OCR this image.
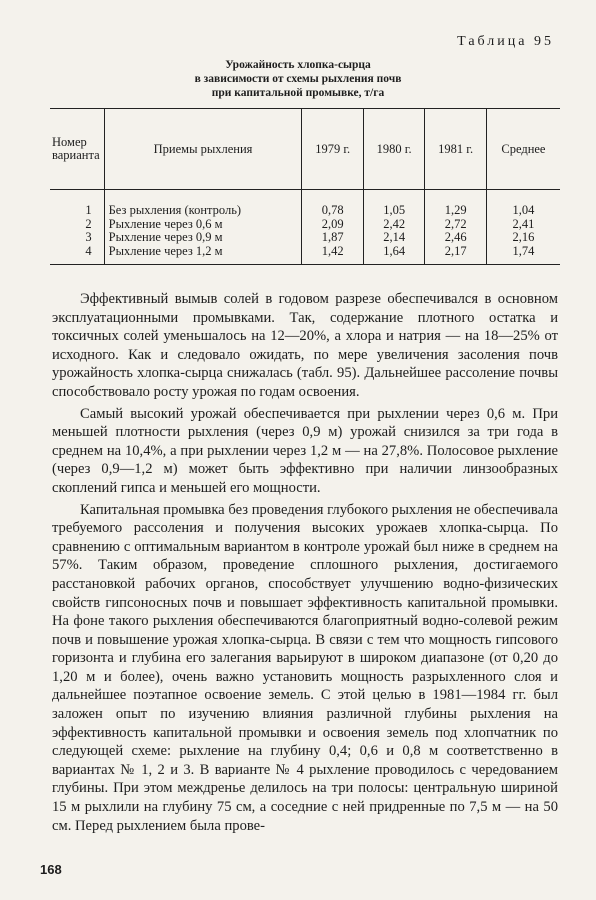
Таблица 95
Урожайность хлопка-сырца
в зависимости от схемы рыхления почв
при капитальной промывке, т/га
Номер варианта	Приемы рыхления	1979 г.	1980 г.	1981 г.	Среднее
1	Без рыхления (контроль)	0,78	1,05	1,29	1,04
2	Рыхление через 0,6 м	2,09	2,42	2,72	2,41
3	Рыхление через 0,9 м	1,87	2,14	2,46	2,16
4	Рыхление через 1,2 м	1,42	1,64	2,17	1,74

Эффективный вымыв солей в годовом разрезе обеспечивался в основном эксплуатационными промывками. Так, содержание плотного остатка и токсичных солей уменьшалось на 12—20%, а хлора и натрия — на 18—25% от исходного. Как и следовало ожидать, по мере увеличения засоления почв урожайность хлопка-сырца снижалась (табл. 95). Дальнейшее рассоление почвы способствовало росту урожая по годам освоения.

Самый высокий урожай обеспечивается при рыхлении через 0,6 м. При меньшей плотности рыхления (через 0,9 м) урожай снизился за три года в среднем на 10,4%, а при рыхлении через 1,2 м — на 27,8%. Полосовое рыхление (через 0,9—1,2 м) может быть эффективно при наличии линзообразных скоплений гипса и меньшей его мощности.

Капитальная промывка без проведения глубокого рыхления не обеспечивала требуемого рассоления и получения высоких урожаев хлопка-сырца. По сравнению с оптимальным вариантом в контроле урожай был ниже в среднем на 57%. Таким образом, проведение сплошного рыхления, достигаемого расстановкой рабочих органов, способствует улучшению водно-физических свойств гипсоносных почв и повышает эффективность капитальной промывки. На фоне такого рыхления обеспечиваются благоприятный водно-солевой режим почв и повышение урожая хлопка-сырца. В связи с тем что мощность гипсового горизонта и глубина его залегания варьируют в широком диапазоне (от 0,20 до 1,20 м и более), очень важно установить мощность разрыхленного слоя и дальнейшее поэтапное освоение земель. С этой целью в 1981—1984 гг. был заложен опыт по изучению влияния различной глубины рыхления на эффективность капитальной промывки и освоения земель под хлопчатник по следующей схеме: рыхление на глубину 0,4; 0,6 и 0,8 м соответственно в вариантах № 1, 2 и 3. В варианте № 4 рыхление проводилось с чередованием глубины. При этом междренье делилось на три полосы: центральную шириной 15 м рыхлили на глубину 75 см, а соседние с ней придренные по 7,5 м — на 50 см. Перед рыхлением была прове-

168
